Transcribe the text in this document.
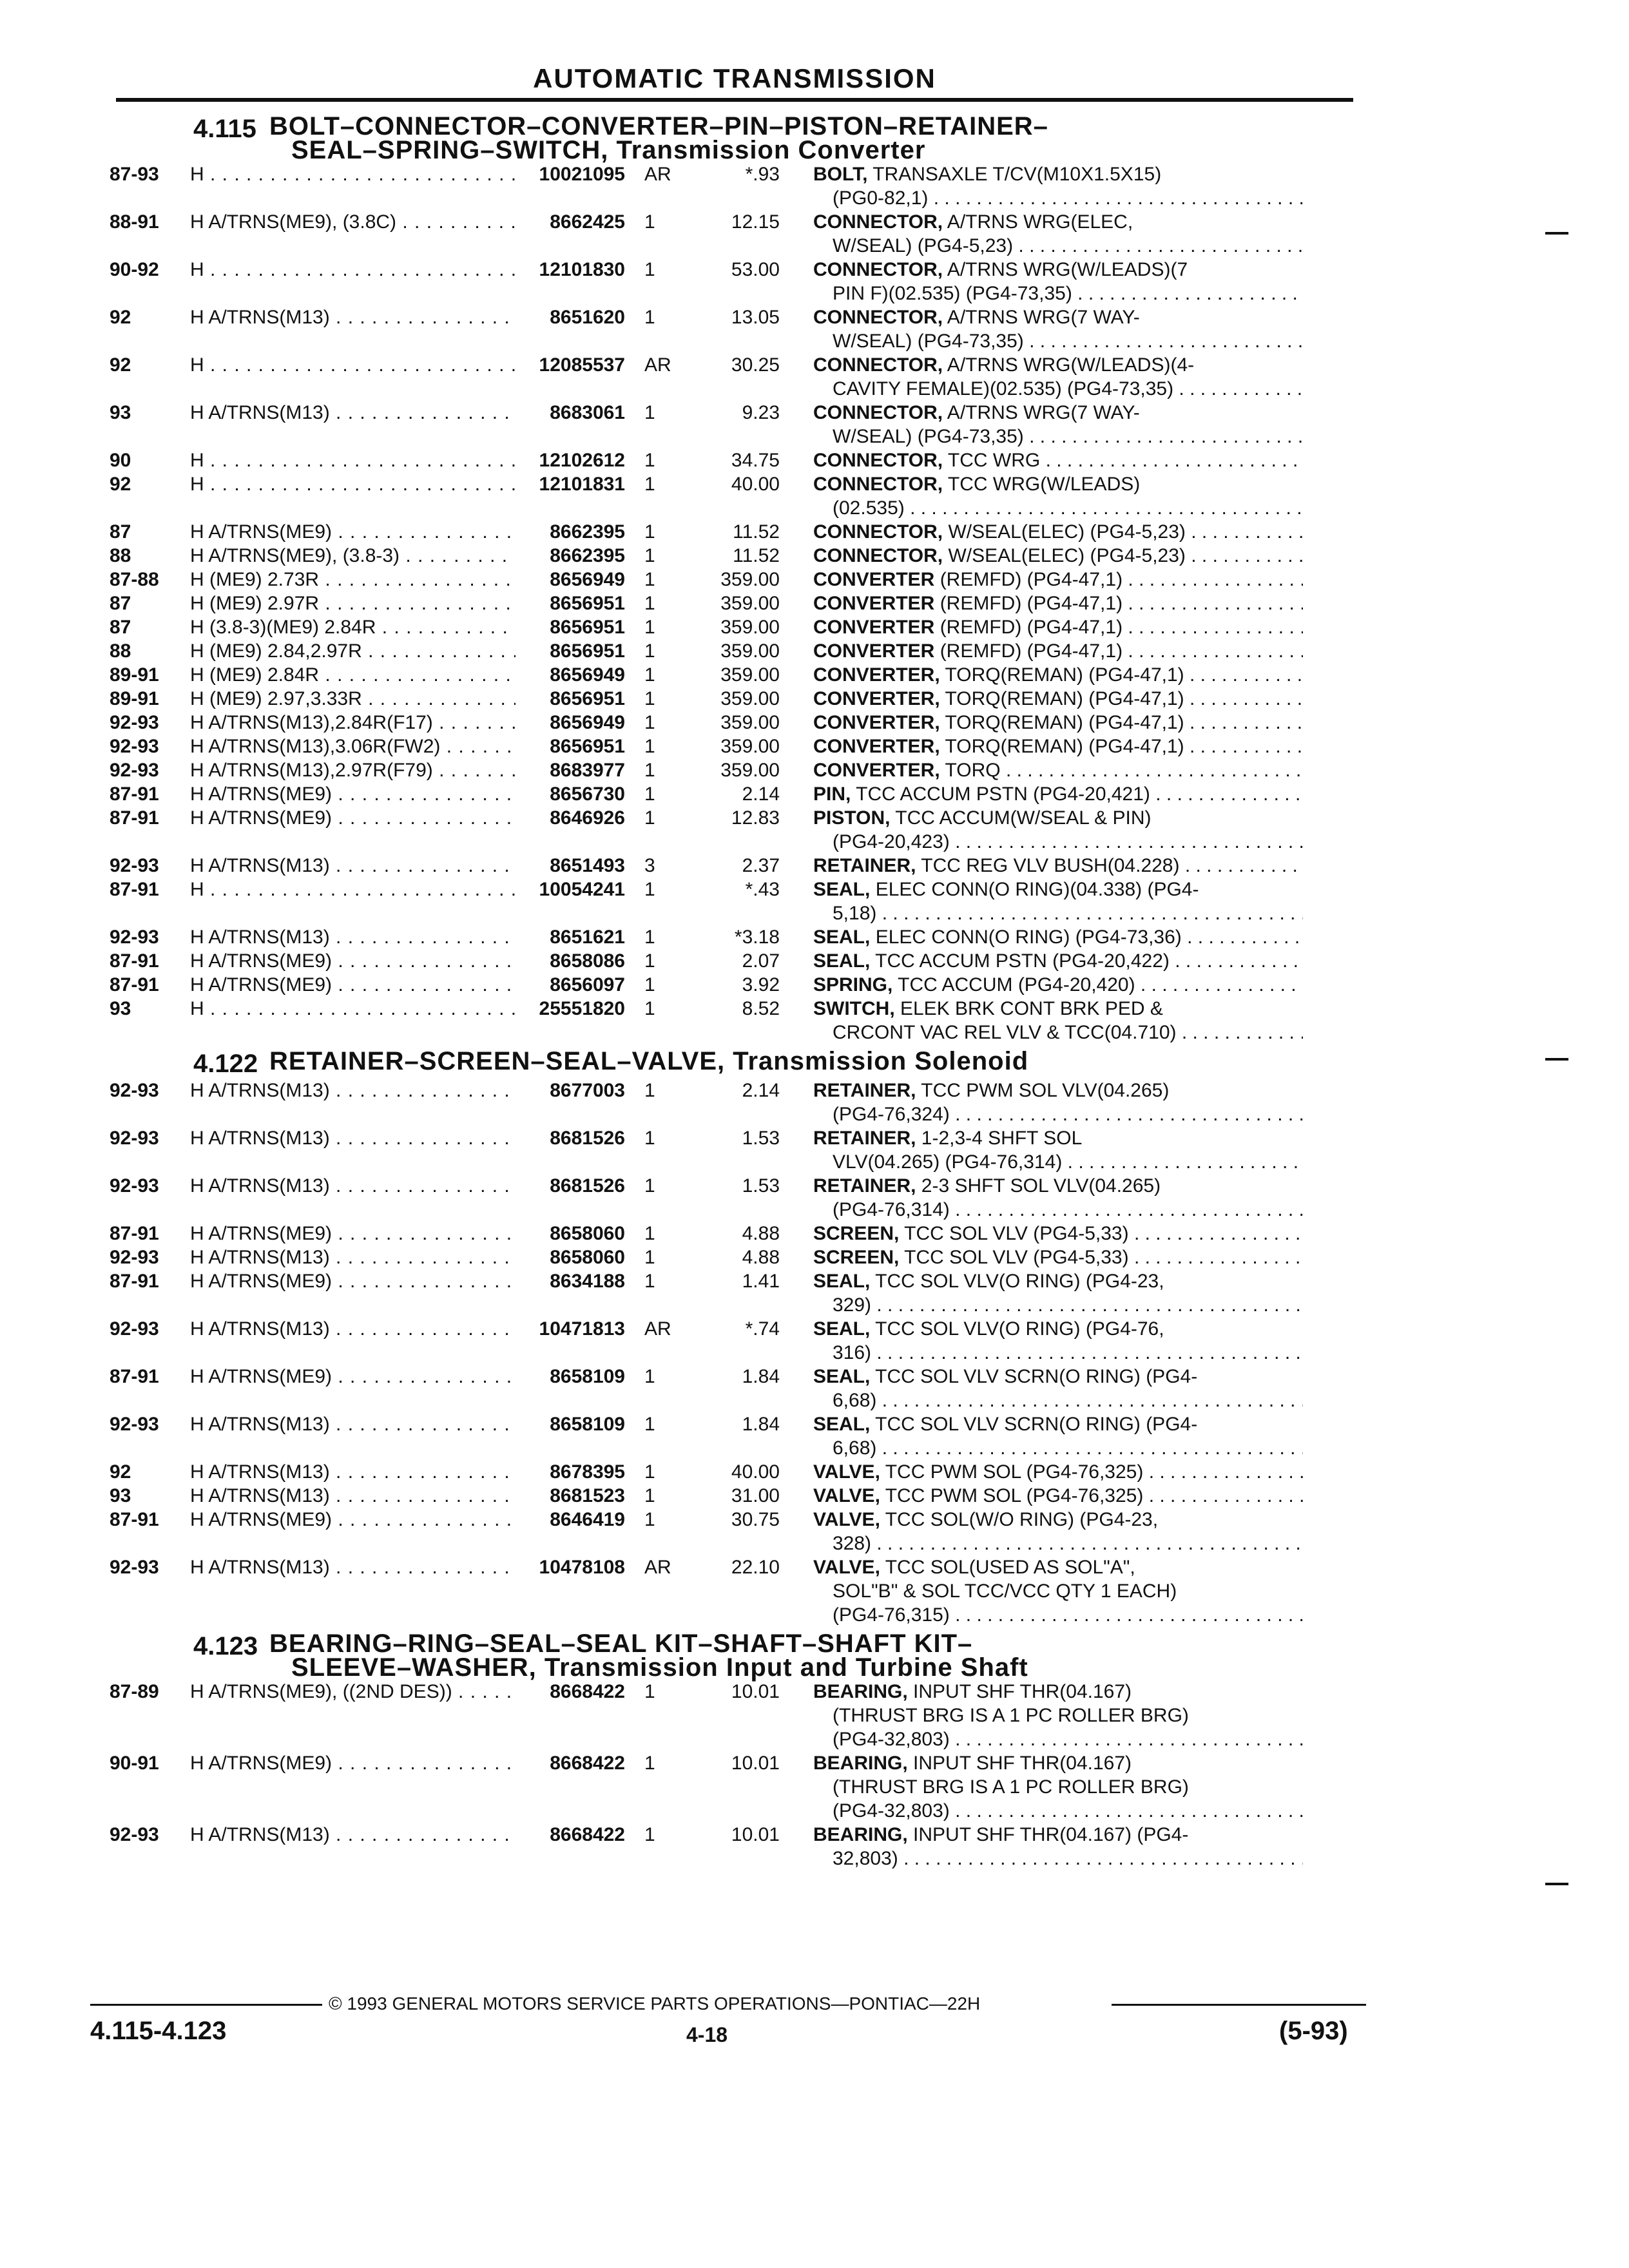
AUTOMATIC TRANSMISSION
4.115 BOLT–CONNECTOR–CONVERTER–PIN–PISTON–RETAINER–
SEAL–SPRING–SWITCH, Transmission Converter
87-93	H . . .	10021095	AR	*.93 BOLT, TRANSAXLE T/CV(M10X1.5X15)
(PG0-82,1) . . .
88-91	H A/TRNS(ME9), (3.8C) . . .	8662425	1	12.15 CONNECTOR, A/TRNS WRG(ELEC,
W/SEAL) (PG4-5,23) . . .
90-92	H . . .	12101830	1	53.00 CONNECTOR, A/TRNS WRG(W/LEADS)(7
PIN F)(02.535) (PG4-73,35) . . .
92	H A/TRNS(M13) . . .	8651620	1	13.05 CONNECTOR, A/TRNS WRG(7 WAY-
W/SEAL) (PG4-73,35) . . .
92	H . . .	12085537	AR	30.25 CONNECTOR, A/TRNS WRG(W/LEADS)(4-
CAVITY FEMALE)(02.535) (PG4-73,35) . . .
93	H A/TRNS(M13) . . .	8683061	1	9.23 CONNECTOR, A/TRNS WRG(7 WAY-
W/SEAL) (PG4-73,35) . . .
90	H . . .	12102612	1	34.75 CONNECTOR, TCC WRG . . .
92	H . . .	12101831	1	40.00 CONNECTOR, TCC WRG(W/LEADS)
(02.535) . . .
87	H A/TRNS(ME9) . . .	8662395	1	11.52 CONNECTOR, W/SEAL(ELEC) (PG4-5,23) . . .
88	H A/TRNS(ME9), (3.8-3) . . .	8662395	1	11.52 CONNECTOR, W/SEAL(ELEC) (PG4-5,23) . . .
87-88	H (ME9) 2.73R . . .	8656949	1	359.00 CONVERTER (REMFD) (PG4-47,1) . . .
87	H (ME9) 2.97R . . .	8656951	1	359.00 CONVERTER (REMFD) (PG4-47,1) . . .
87	H (3.8-3)(ME9) 2.84R . . .	8656951	1	359.00 CONVERTER (REMFD) (PG4-47,1) . . .
88	H (ME9) 2.84,2.97R . . .	8656951	1	359.00 CONVERTER (REMFD) (PG4-47,1) . . .
89-91	H (ME9) 2.84R . . .	8656949	1	359.00 CONVERTER, TORQ(REMAN) (PG4-47,1) . . .
89-91	H (ME9) 2.97,3.33R . . .	8656951	1	359.00 CONVERTER, TORQ(REMAN) (PG4-47,1) . . .
92-93	H A/TRNS(M13),2.84R(F17) . . .	8656949	1	359.00 CONVERTER, TORQ(REMAN) (PG4-47,1) . . .
92-93	H A/TRNS(M13),3.06R(FW2) . . .	8656951	1	359.00 CONVERTER, TORQ(REMAN) (PG4-47,1) . . .
92-93	H A/TRNS(M13),2.97R(F79) . . .	8683977	1	359.00 CONVERTER, TORQ . . .
87-91	H A/TRNS(ME9) . . .	8656730	1	2.14 PIN, TCC ACCUM PSTN (PG4-20,421) . . .
87-91	H A/TRNS(ME9) . . .	8646926	1	12.83 PISTON, TCC ACCUM(W/SEAL & PIN)
(PG4-20,423) . . .
92-93	H A/TRNS(M13) . . .	8651493	3	2.37 RETAINER, TCC REG VLV BUSH(04.228) . . .
87-91	H . . .	10054241	1	*.43 SEAL, ELEC CONN(O RING)(04.338) (PG4-
5,18) . . .
92-93	H A/TRNS(M13) . . .	8651621	1	*3.18 SEAL, ELEC CONN(O RING) (PG4-73,36) . . .
87-91	H A/TRNS(ME9) . . .	8658086	1	2.07 SEAL, TCC ACCUM PSTN (PG4-20,422) . . .
87-91	H A/TRNS(ME9) . . .	8656097	1	3.92 SPRING, TCC ACCUM (PG4-20,420) . . .
93	H . . .	25551820	1	8.52 SWITCH, ELEK BRK CONT BRK PED &
CRCONT VAC REL VLV & TCC(04.710) . . .
4.122 RETAINER–SCREEN–SEAL–VALVE, Transmission Solenoid
92-93	H A/TRNS(M13) . . .	8677003	1	2.14 RETAINER, TCC PWM SOL VLV(04.265)
(PG4-76,324) . . .
92-93	H A/TRNS(M13) . . .	8681526	1	1.53 RETAINER, 1-2,3-4 SHFT SOL
VLV(04.265) (PG4-76,314) . . .
92-93	H A/TRNS(M13) . . .	8681526	1	1.53 RETAINER, 2-3 SHFT SOL VLV(04.265)
(PG4-76,314) . . .
87-91	H A/TRNS(ME9) . . .	8658060	1	4.88 SCREEN, TCC SOL VLV (PG4-5,33) . . .
92-93	H A/TRNS(M13) . . .	8658060	1	4.88 SCREEN, TCC SOL VLV (PG4-5,33) . . .
87-91	H A/TRNS(ME9) . . .	8634188	1	1.41 SEAL, TCC SOL VLV(O RING) (PG4-23,
329) . . .
92-93	H A/TRNS(M13) . . .	10471813	AR	*.74 SEAL, TCC SOL VLV(O RING) (PG4-76,
316) . . .
87-91	H A/TRNS(ME9) . . .	8658109	1	1.84 SEAL, TCC SOL VLV SCRN(O RING) (PG4-
6,68) . . .
92-93	H A/TRNS(M13) . . .	8658109	1	1.84 SEAL, TCC SOL VLV SCRN(O RING) (PG4-
6,68) . . .
92	H A/TRNS(M13) . . .	8678395	1	40.00 VALVE, TCC PWM SOL (PG4-76,325) . . .
93	H A/TRNS(M13) . . .	8681523	1	31.00 VALVE, TCC PWM SOL (PG4-76,325) . . .
87-91	H A/TRNS(ME9) . . .	8646419	1	30.75 VALVE, TCC SOL(W/O RING) (PG4-23,
328) . . .
92-93	H A/TRNS(M13) . . .	10478108	AR	22.10 VALVE, TCC SOL(USED AS SOL"A",
SOL"B" & SOL TCC/VCC QTY 1 EACH)
(PG4-76,315) . . .
4.123 BEARING–RING–SEAL–SEAL KIT–SHAFT–SHAFT KIT–
SLEEVE–WASHER, Transmission Input and Turbine Shaft
87-89	H A/TRNS(ME9), ((2ND DES)) . . .	8668422	1	10.01 BEARING, INPUT SHF THR(04.167)
(THRUST BRG IS A 1 PC ROLLER BRG)
(PG4-32,803) . . .
90-91	H A/TRNS(ME9) . . .	8668422	1	10.01 BEARING, INPUT SHF THR(04.167)
(THRUST BRG IS A 1 PC ROLLER BRG)
(PG4-32,803) . . .
92-93	H A/TRNS(M13) . . .	8668422	1	10.01 BEARING, INPUT SHF THR(04.167) (PG4-
32,803) . . .
© 1993 GENERAL MOTORS SERVICE PARTS OPERATIONS—PONTIAC—22H
4.115-4.123	4-18	(5-93)
